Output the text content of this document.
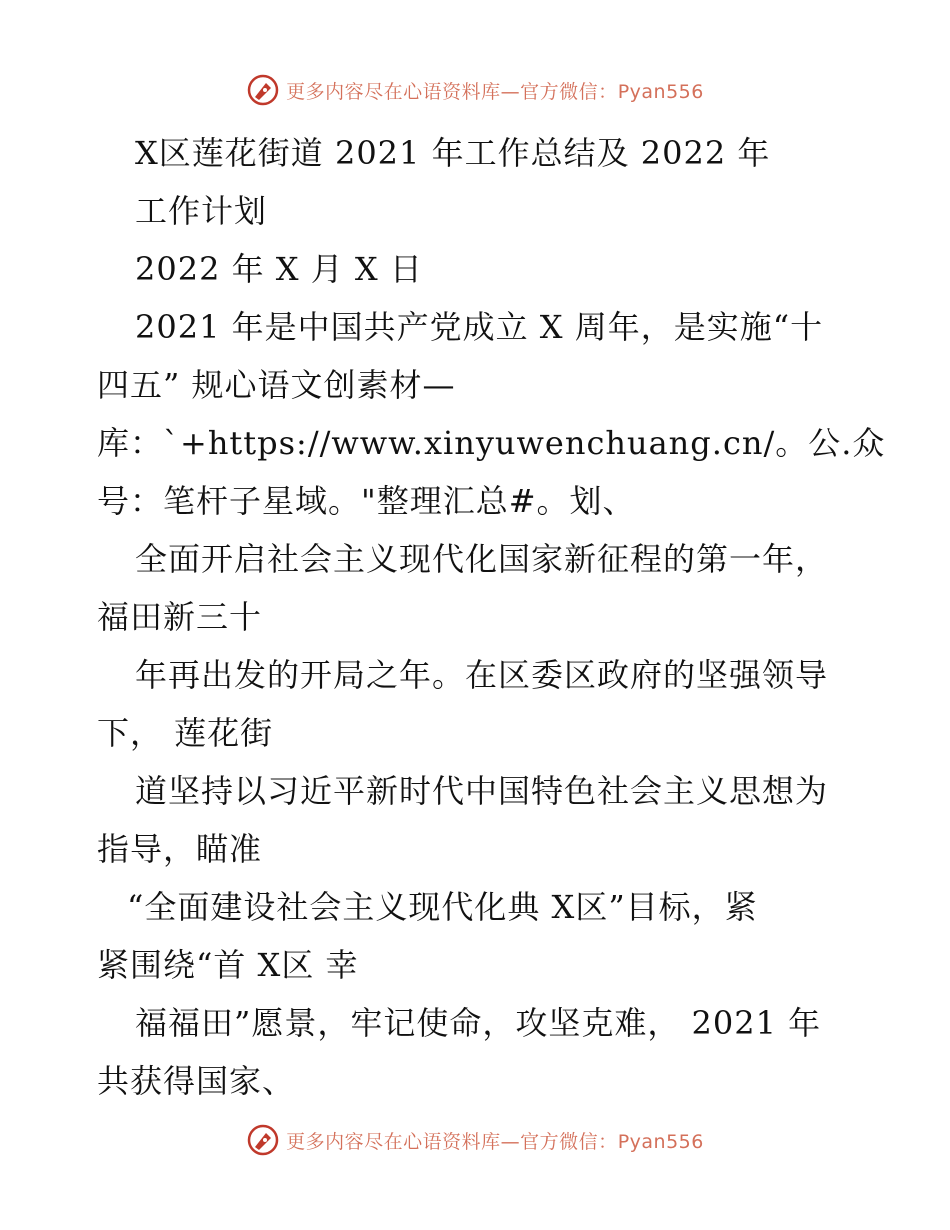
更多内容尽在心语资料库—官方微信：Pyan556
X区莲花街道 2021 年工作总结及 2022 年
工作计划
2022 年 X 月 X 日
2021 年是中国共产党成立 X 周年，是实施“十
四五” 规心语文创素材—
库：`+https://www.xinyuwenchuang.cn/。公.众
号：笔杆子星域。"整理汇总#。划、
全面开启社会主义现代化国家新征程的第一年，
福田新三十
年再出发的开局之年。在区委区政府的坚强领导
下， 莲花街
道坚持以习近平新时代中国特色社会主义思想为
指导，瞄准
“全面建设社会主义现代化典 X区”目标，紧
紧围绕“首 X区 幸
福福田”愿景，牢记使命，攻坚克难， 2021 年
共获得国家、
更多内容尽在心语资料库—官方微信：Pyan556
